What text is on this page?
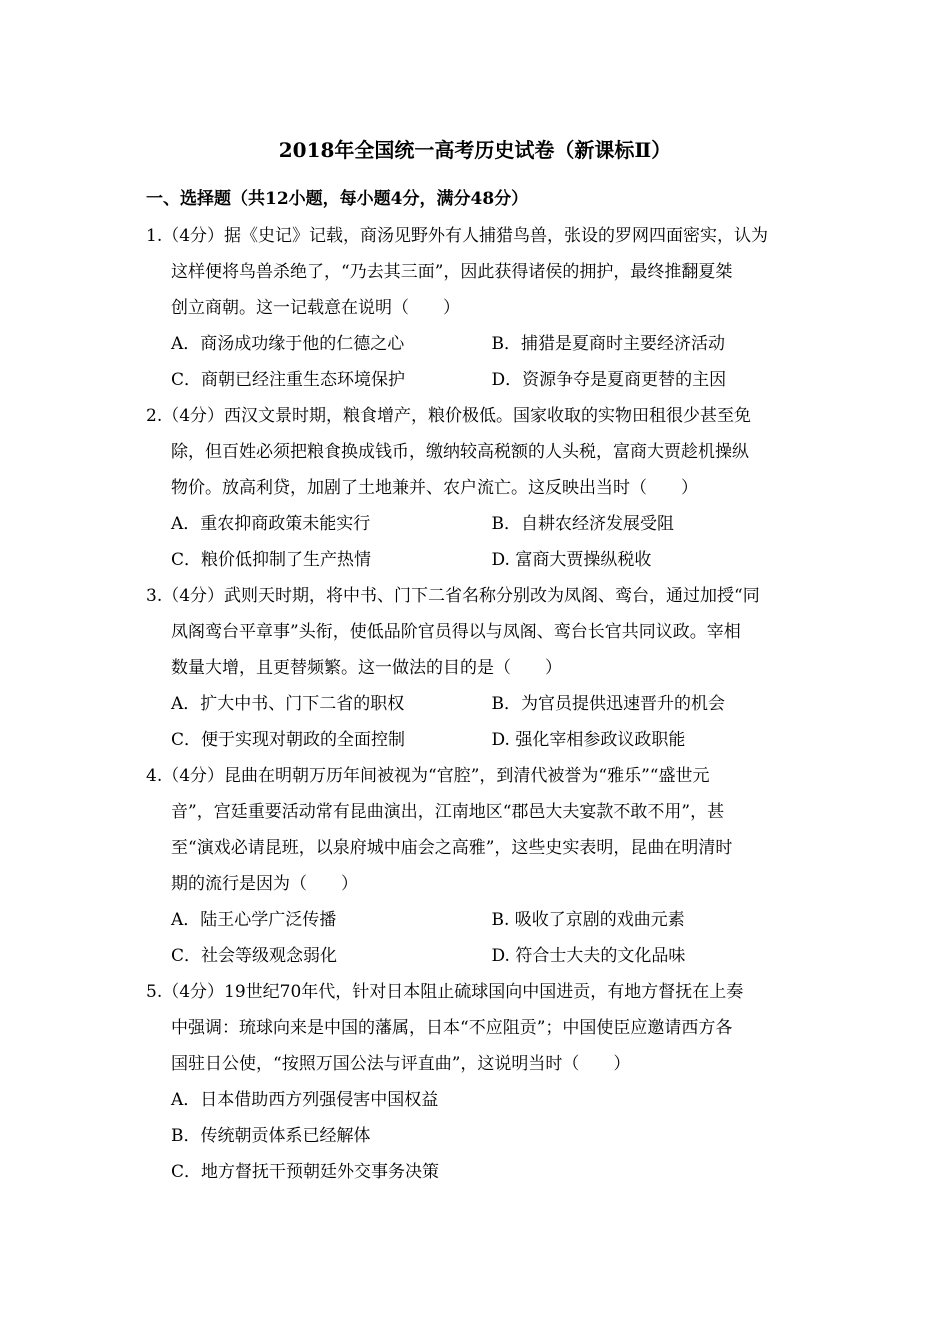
2018年全国统一高考历史试卷（新课标Ⅱ）
一、选择题（共12小题，每小题4分，满分48分）
1.（4分）据《史记》记载，商汤见野外有人捕猎鸟兽，张设的罗网四面密实，认为
这样便将鸟兽杀绝了，“乃去其三面”，因此获得诸侯的拥护，最终推翻夏桀
创立商朝。这一记载意在说明（　　）
A．商汤成功缘于他的仁德之心	B．捕猎是夏商时主要经济活动
C．商朝已经注重生态环境保护	D．资源争夺是夏商更替的主因
2.（4分）西汉文景时期，粮食增产，粮价极低。国家收取的实物田租很少甚至免
除，但百姓必须把粮食换成钱币，缴纳较高税额的人头税，富商大贾趁机操纵
物价。放高利贷，加剧了土地兼并、农户流亡。这反映出当时（　　）
A．重农抑商政策未能实行	B．自耕农经济发展受阻
C．粮价低抑制了生产热情	D. 富商大贾操纵税收
3.（4分）武则天时期，将中书、门下二省名称分别改为凤阁、鸾台，通过加授“同
凤阁鸾台平章事”头衔，使低品阶官员得以与凤阁、鸾台长官共同议政。宰相
数量大增，且更替频繁。这一做法的目的是（　　）
A．扩大中书、门下二省的职权	B．为官员提供迅速晋升的机会
C．便于实现对朝政的全面控制	D. 强化宰相参政议政职能
4.（4分）昆曲在明朝万历年间被视为“官腔”，到清代被誉为“雅乐”“盛世元
音”，宫廷重要活动常有昆曲演出，江南地区“郡邑大夫宴款不敢不用”，甚
至“演戏必请昆班，以泉府城中庙会之高雅”，这些史实表明，昆曲在明清时
期的流行是因为（　　）
A．陆王心学广泛传播	B. 吸收了京剧的戏曲元素
C．社会等级观念弱化	D. 符合士大夫的文化品味
5.（4分）19世纪70年代，针对日本阻止硫球国向中国进贡，有地方督抚在上奏
中强调：琉球向来是中国的藩属，日本“不应阻贡”；中国使臣应邀请西方各
国驻日公使，“按照万国公法与评直曲”，这说明当时（　　）
A．日本借助西方列强侵害中国权益
B．传统朝贡体系已经解体
C．地方督抚干预朝廷外交事务决策
